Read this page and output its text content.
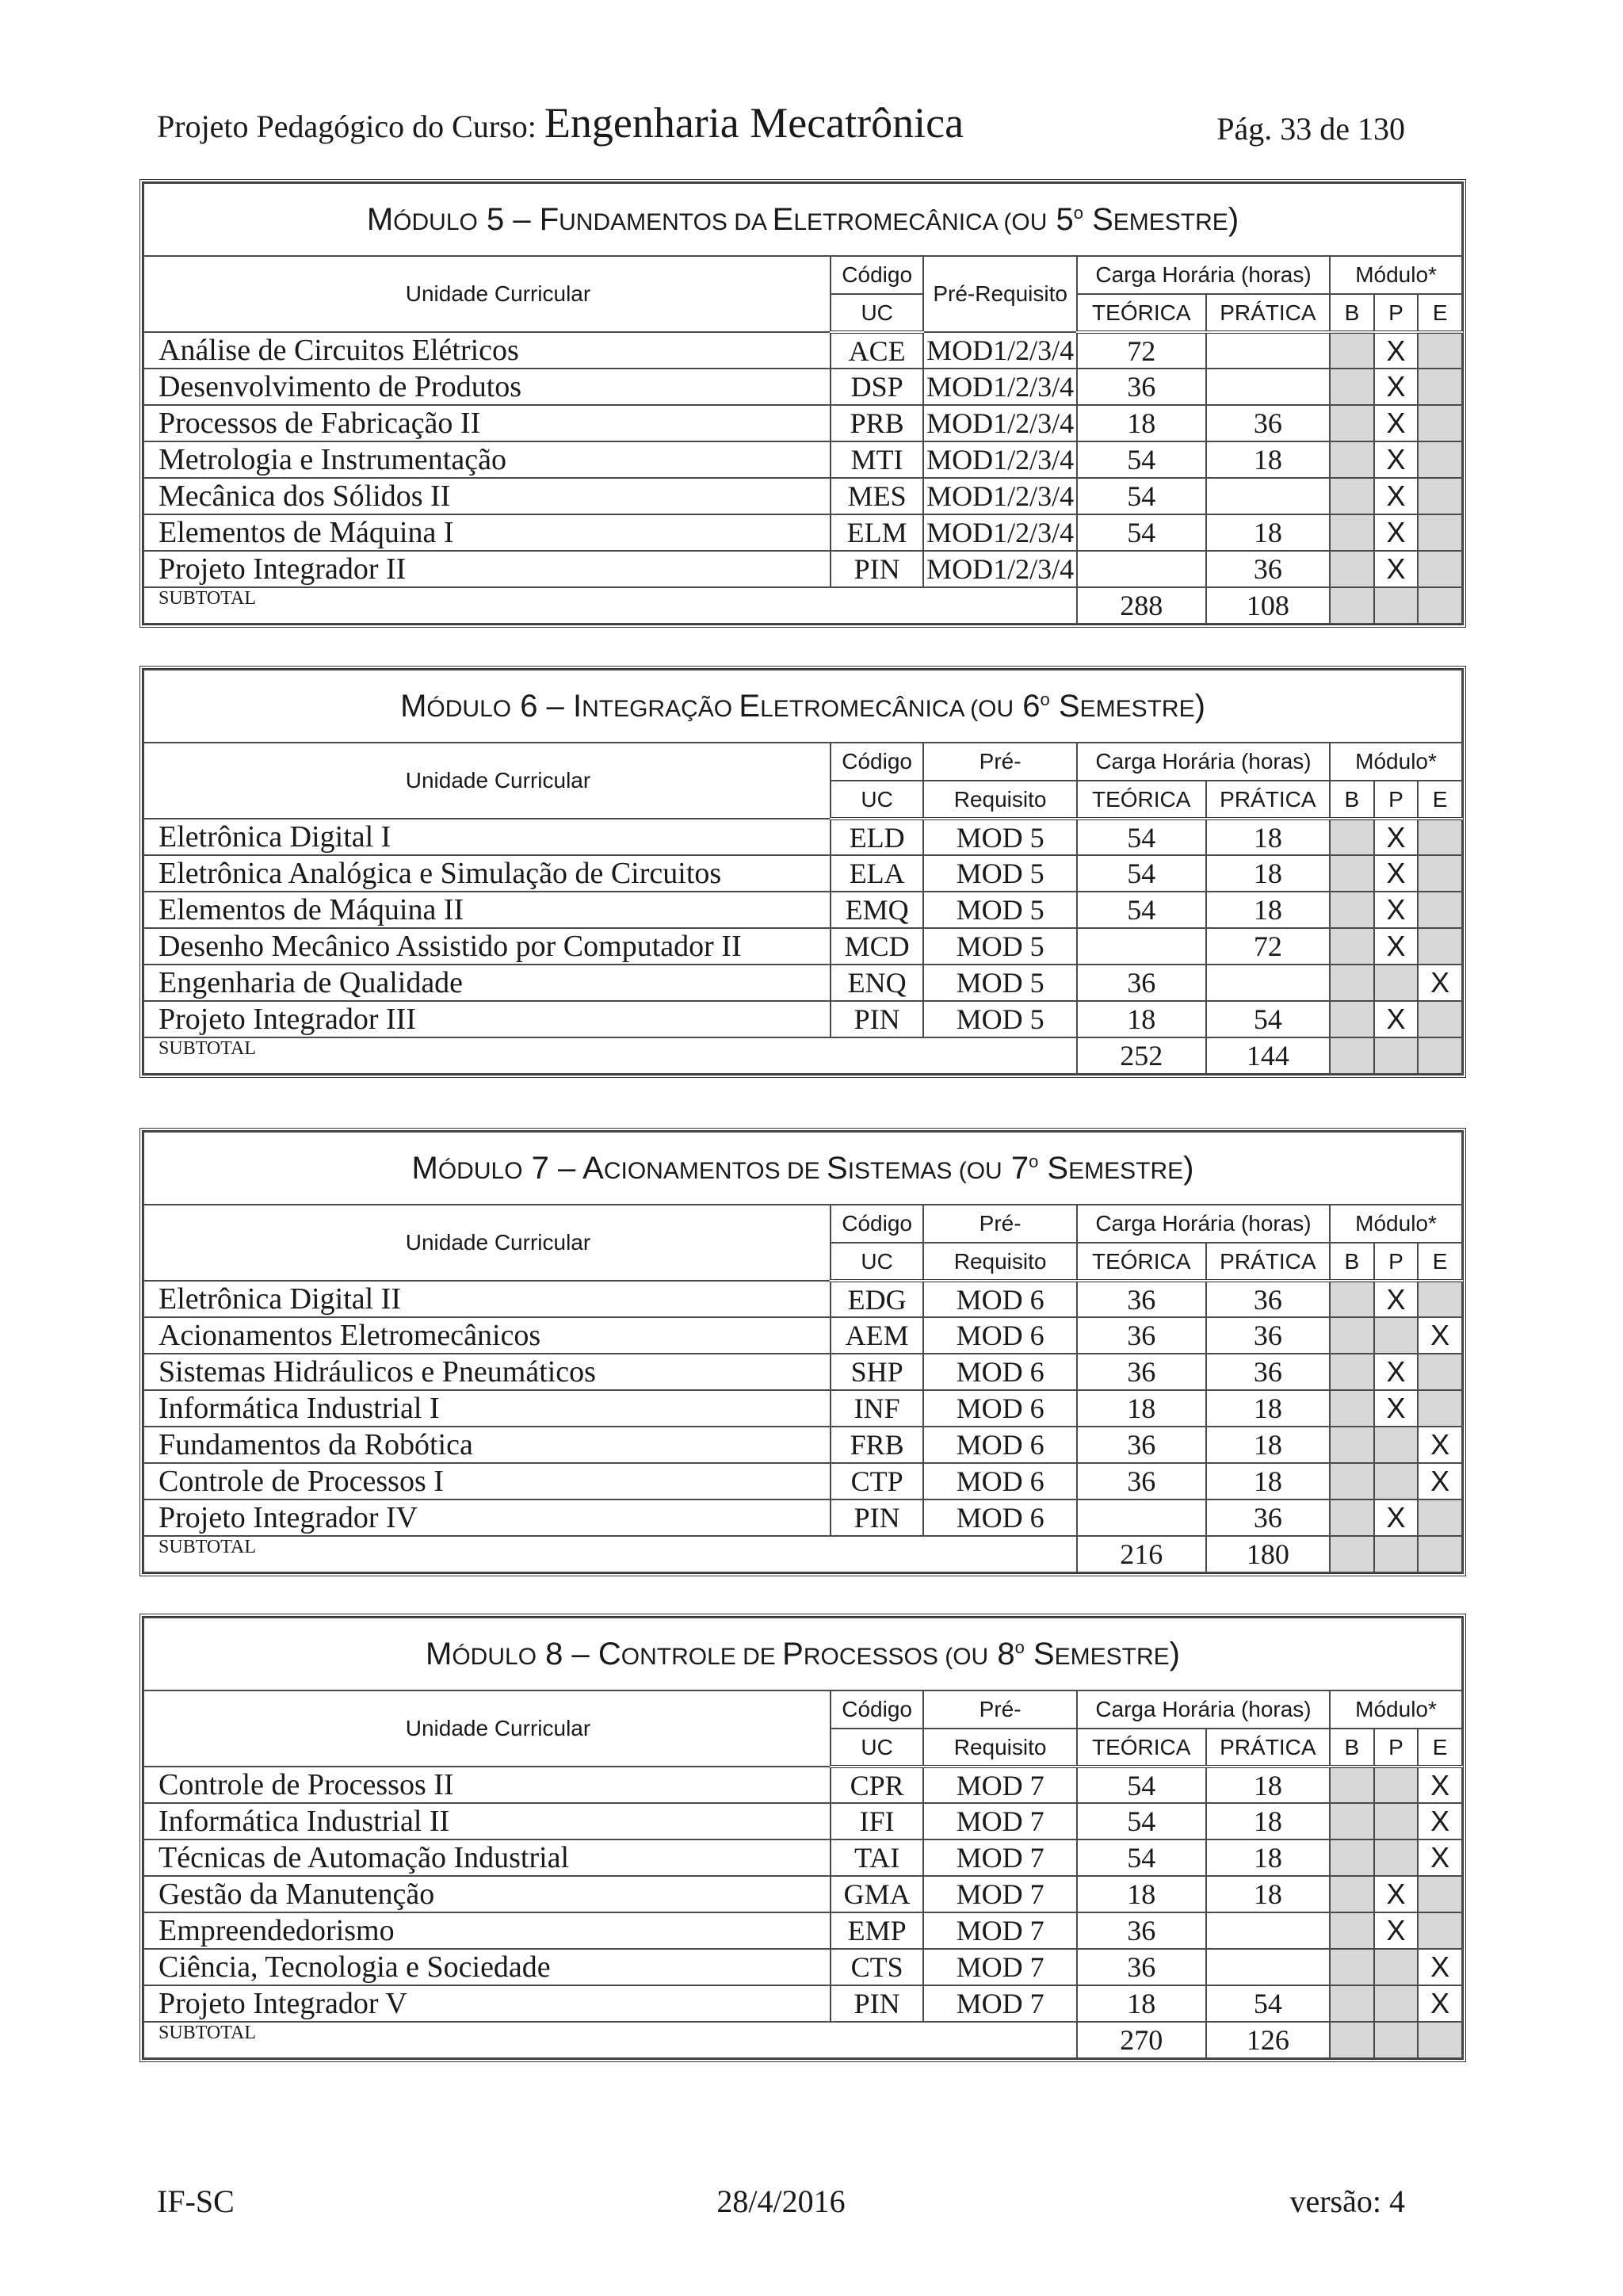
Projeto Pedagógico do Curso: Engenharia Mecatrônica	Pág. 33 de 130
MÓDULO 5 – FUNDAMENTOS DA ELETROMECÂNICA (OU 5$^o$ SEMESTRE)							
Unidade Curricular	Código	Pré-Requisito	Carga Horária (horas)		Módulo*		
	UC		TEÓRICA	PRÁTICA	B	P	E
Análise de Circuitos Elétricos	ACE	MOD1/2/3/4	72			X	
Desenvolvimento de Produtos	DSP	MOD1/2/3/4	36			X	
Processos de Fabricação II	PRB	MOD1/2/3/4	18	36		X	
Metrologia e Instrumentação	MTI	MOD1/2/3/4	54	18		X	
Mecânica dos Sólidos II	MES	MOD1/2/3/4	54			X	
Elementos de Máquina I	ELM	MOD1/2/3/4	54	18		X	
Projeto Integrador II	PIN	MOD1/2/3/4		36		X	
SUBTOTAL			288	108			
MÓDULO 6 – INTEGRAÇÃO ELETROMECÂNICA (OU 6$^o$ SEMESTRE)							
Unidade Curricular	Código	Pré-	Carga Horária (horas)		Módulo*		
	UC	Requisito	TEÓRICA	PRÁTICA	B	P	E
Eletrônica Digital I	ELD	MOD 5	54	18		X	
Eletrônica Analógica e Simulação de Circuitos	ELA	MOD 5	54	18		X	
Elementos de Máquina II	EMQ	MOD 5	54	18		X	
Desenho Mecânico Assistido por Computador II	MCD	MOD 5		72		X	
Engenharia de Qualidade	ENQ	MOD 5	36				X
Projeto Integrador III	PIN	MOD 5	18	54		X	
SUBTOTAL			252	144			
MÓDULO 7 – ACIONAMENTOS DE SISTEMAS (OU 7$^o$ SEMESTRE)							
Unidade Curricular	Código	Pré-	Carga Horária (horas)		Módulo*		
	UC	Requisito	TEÓRICA	PRÁTICA	B	P	E
Eletrônica Digital II	EDG	MOD 6	36	36		X	
Acionamentos Eletromecânicos	AEM	MOD 6	36	36			X
Sistemas Hidráulicos e Pneumáticos	SHP	MOD 6	36	36		X	
Informática Industrial I	INF	MOD 6	18	18		X	
Fundamentos da Robótica	FRB	MOD 6	36	18			X
Controle de Processos I	CTP	MOD 6	36	18			X
Projeto Integrador IV	PIN	MOD 6		36		X	
SUBTOTAL			216	180			
MÓDULO 8 – CONTROLE DE PROCESSOS (OU 8$^o$ SEMESTRE)							
Unidade Curricular	Código	Pré-	Carga Horária (horas)		Módulo*		
	UC	Requisito	TEÓRICA	PRÁTICA	B	P	E
Controle de Processos II	CPR	MOD 7	54	18			X
Informática Industrial II	IFI	MOD 7	54	18			X
Técnicas de Automação Industrial	TAI	MOD 7	54	18			X
Gestão da Manutenção	GMA	MOD 7	18	18		X	
Empreendedorismo	EMP	MOD 7	36			X	
Ciência, Tecnologia e Sociedade	CTS	MOD 7	36				X
Projeto Integrador V	PIN	MOD 7	18	54			X
SUBTOTAL			270	126			
IF-SC	28/4/2016	versão: 4
